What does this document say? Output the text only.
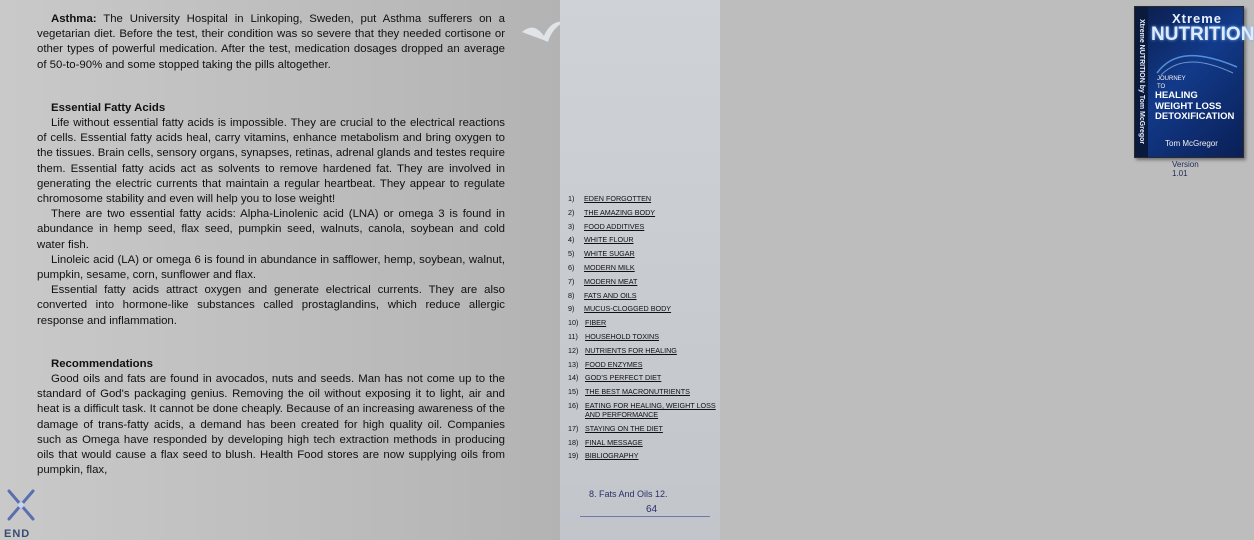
Asthma: The University Hospital in Linkoping, Sweden, put Asthma sufferers on a vegetarian diet. Before the test, their condition was so severe that they needed cortisone or other types of powerful medication. After the test, medication dosages dropped an average of 50-to-90% and some stopped taking the pills altogether.

Essential Fatty Acids

Life without essential fatty acids is impossible. They are crucial to the electrical reactions of cells. Essential fatty acids heal, carry vitamins, enhance metabolism and bring oxygen to the tissues. Brain cells, sensory organs, synapses, retinas, adrenal glands and testes require them. Essential fatty acids act as solvents to remove hardened fat. They are involved in generating the electric currents that maintain a regular heartbeat. They appear to regulate chromosome stability and even will help you to lose weight!

There are two essential fatty acids: Alpha-Linolenic acid (LNA) or omega 3 is found in abundance in hemp seed, flax seed, pumpkin seed, walnuts, canola, soybean and cold water fish.

Linoleic acid (LA) or omega 6 is found in abundance in safflower, hemp, soybean, walnut, pumpkin, sesame, corn, sunflower and flax.

Essential fatty acids attract oxygen and generate electrical currents. They are also converted into hormone-like substances called prostaglandins, which reduce allergic response and inflammation.

Recommendations

Good oils and fats are found in avocados, nuts and seeds. Man has not come up to the standard of God's packaging genius. Removing the oil without exposing it to light, air and heat is a difficult task. It cannot be done cheaply. Because of an increasing awareness of the damage of trans-fatty acids, a demand has been created for high quality oil. Companies such as Omega have responded by developing high tech extraction methods in producing oils that would cause a flax seed to blush. Health Food stores are now supplying oils from pumpkin, flax,

END
Xtreme NUTRITION by Tom McGregor
Xtreme
NUTRITION
JOURNEY
TO
HEALING
WEIGHT LOSS
DETOXIFICATION
Tom McGregor
Version 1.01
1)	EDEN FORGOTTEN
2)	THE AMAZING BODY
3)	FOOD ADDITIVES
4)	WHITE FLOUR
5)	WHITE SUGAR
6)	MODERN MILK
7)	MODERN MEAT
8)	FATS AND OILS
9)	MUCUS-CLOGGED BODY
10) FIBER
11) HOUSEHOLD TOXINS
12) NUTRIENTS FOR HEALING
13) FOOD ENZYMES
14) GOD'S PERFECT DIET
15) THE BEST MACRONUTRIENTS
16) EATING FOR HEALING, WEIGHT LOSS AND PERFORMANCE
17) STAYING ON THE DIET
18) FINAL MESSAGE
19) BIBLIOGRAPHY
8. Fats And Oils 12.
64
